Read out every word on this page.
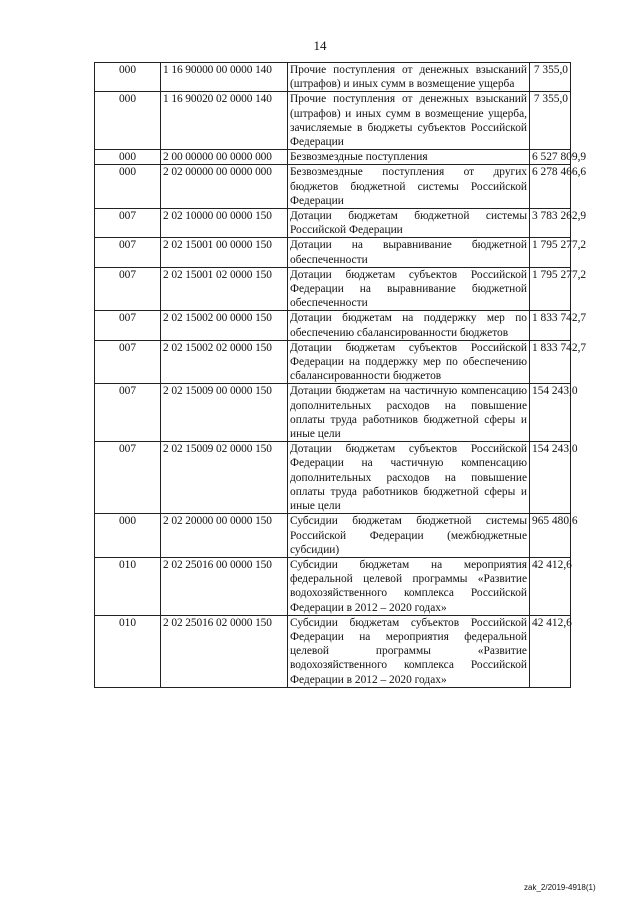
14
000	1 16 90000 00 0000 140	Прочие поступления от денежных взысканий (штрафов) и иных сумм в возмещение ущерба	7 355,0
000	1 16 90020 02 0000 140	Прочие поступления от денежных взысканий (штрафов) и иных сумм в возмещение ущерба, зачисляемые в бюджеты субъектов Российской Федерации	7 355,0
000	2 00 00000 00 0000 000	Безвозмездные поступления	6 527 809,9
000	2 02 00000 00 0000 000	Безвозмездные поступления от других бюджетов бюджетной системы Российской Федерации	6 278 466,6
007	2 02 10000 00 0000 150	Дотации бюджетам бюджетной системы Российской Федерации	3 783 262,9
007	2 02 15001 00 0000 150	Дотации на выравнивание бюджетной обеспеченности	1 795 277,2
007	2 02 15001 02 0000 150	Дотации бюджетам субъектов Российской Федерации на выравнивание бюджетной обеспеченности	1 795 277,2
007	2 02 15002 00 0000 150	Дотации бюджетам на поддержку мер по обеспечению сбалансированности бюджетов	1 833 742,7
007	2 02 15002 02 0000 150	Дотации бюджетам субъектов Российской Федерации на поддержку мер по обеспечению сбалансированности бюджетов	1 833 742,7
007	2 02 15009 00 0000 150	Дотации бюджетам на частичную компенсацию дополнительных расходов на повышение оплаты труда работников бюджетной сферы и иные цели	154 243,0
007	2 02 15009 02 0000 150	Дотации бюджетам субъектов Российской Федерации на частичную компенсацию дополнительных расходов на повышение оплаты труда работников бюджетной сферы и иные цели	154 243,0
000	2 02 20000 00 0000 150	Субсидии бюджетам бюджетной системы Российской Федерации (межбюджетные субсидии)	965 480,6
010	2 02 25016 00 0000 150	Субсидии бюджетам на мероприятия федеральной целевой программы «Развитие водохозяйственного комплекса Российской Федерации в 2012 – 2020 годах»	42 412,6
010	2 02 25016 02 0000 150	Субсидии бюджетам субъектов Российской Федерации на мероприятия федеральной целевой программы «Развитие водохозяйственного комплекса Российской Федерации в 2012 – 2020 годах»	42 412,6
zak_2/2019-4918(1)
